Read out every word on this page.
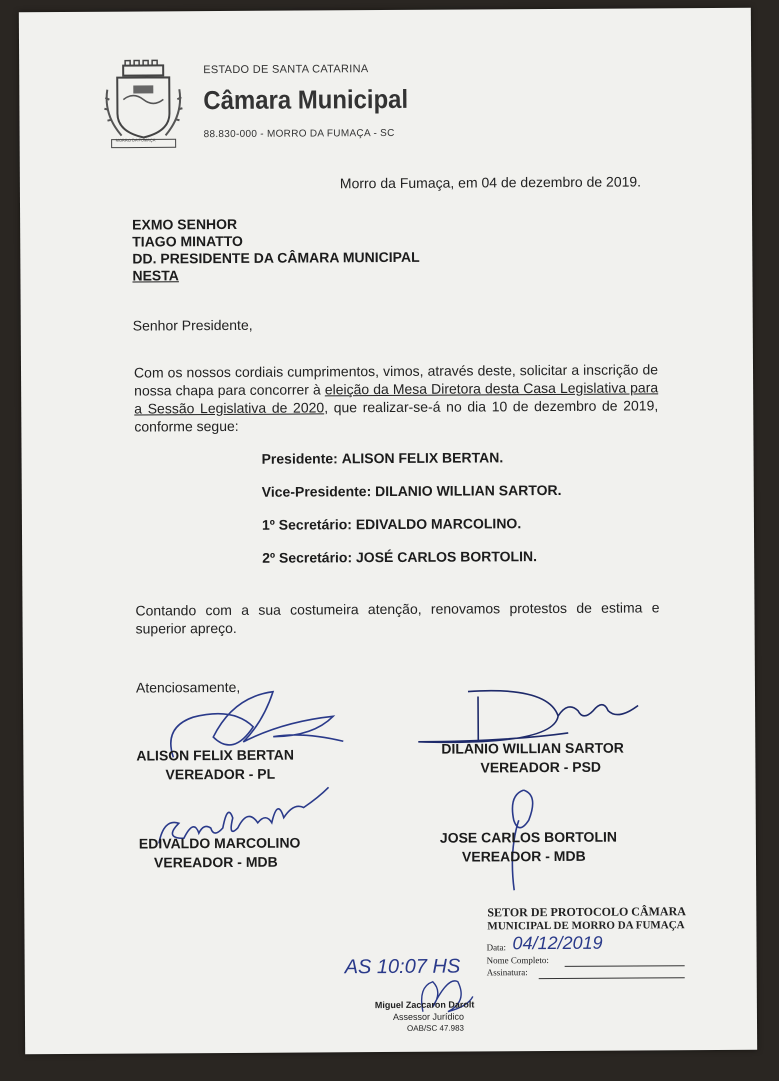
MORRO DA FUMAÇA
ESTADO DE SANTA CATARINA
Câmara Municipal
88.830-000 - MORRO DA FUMAÇA - SC
Morro da Fumaça, em 04 de dezembro de 2019.
EXMO SENHOR
TIAGO MINATTO
DD. PRESIDENTE DA CÂMARA MUNICIPAL
NESTA
Senhor Presidente,
Com os nossos cordiais cumprimentos, vimos, através deste, solicitar a inscrição de nossa chapa para concorrer à eleição da Mesa Diretora desta Casa Legislativa para a Sessão Legislativa de 2020, que realizar-se-á no dia 10 de dezembro de 2019, conforme segue:
Presidente: ALISON FELIX BERTAN.
Vice-Presidente: DILANIO WILLIAN SARTOR.
1º Secretário: EDIVALDO MARCOLINO.
2º Secretário: JOSÉ CARLOS BORTOLIN.
Contando com a sua costumeira atenção, renovamos protestos de estima e superior apreço.
Atenciosamente,
ALISON FELIX BERTAN
VEREADOR - PL
DILANIO WILLIAN SARTOR
VEREADOR - PSD
EDIVALDO MARCOLINO
VEREADOR - MDB
JOSE CARLOS BORTOLIN
VEREADOR - MDB
SETOR DE PROTOCOLO CÂMARA
MUNICIPAL DE MORRO DA FUMAÇA
Data: 04/12/2019
Nome Completo:
Assinatura:
AS 10:07 HS
Miguel Zaccaron Darolt
Assessor Jurídico
OAB/SC 47.983
